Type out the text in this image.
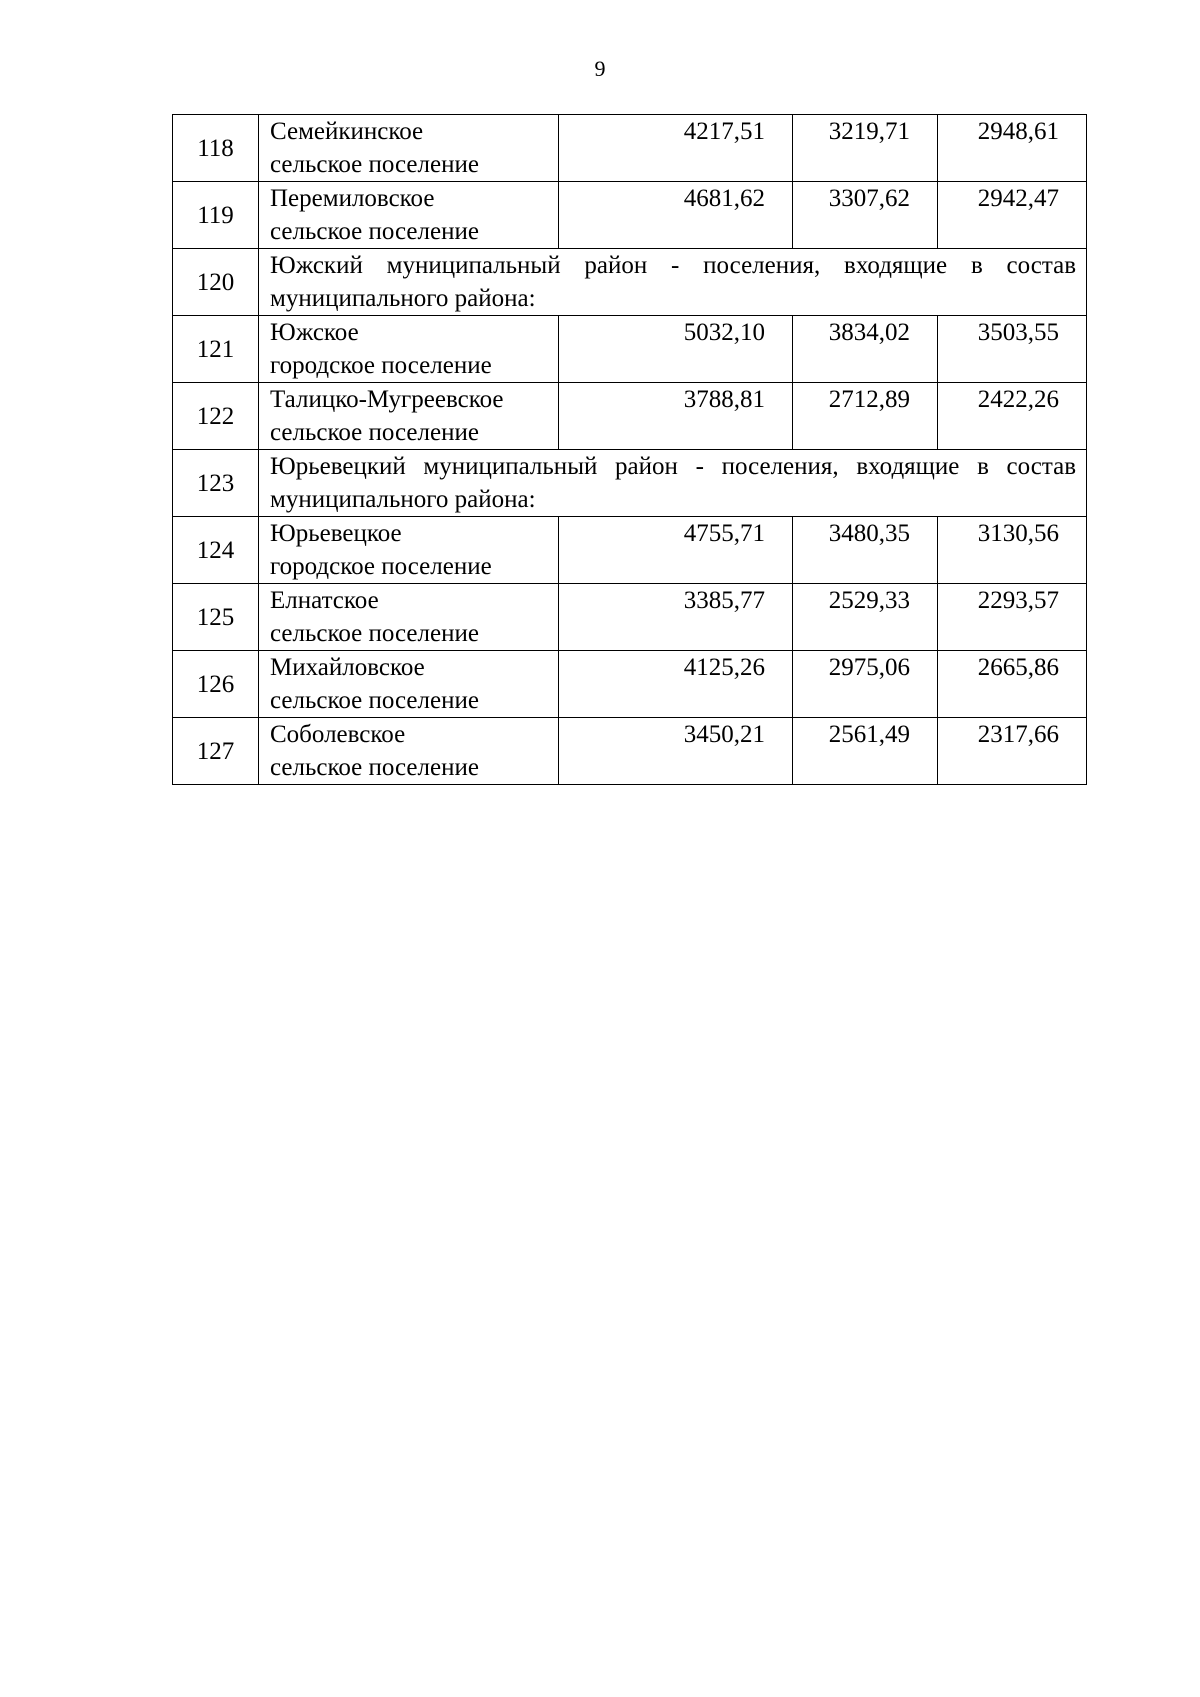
9
118	Семейкинское
сельское поселение	4217,51	3219,71	2948,61
119	Перемиловское
сельское поселение	4681,62	3307,62	2942,47
120	Южский муниципальный район - поселения, входящие в состав муниципального района:			
121	Южское
городское поселение	5032,10	3834,02	3503,55
122	Талицко-Мугреевское
сельское поселение	3788,81	2712,89	2422,26
123	Юрьевецкий муниципальный район - поселения, входящие в состав муниципального района:			
124	Юрьевецкое
городское поселение	4755,71	3480,35	3130,56
125	Елнатское
сельское поселение	3385,77	2529,33	2293,57
126	Михайловское
сельское поселение	4125,26	2975,06	2665,86
127	Соболевское
сельское поселение	3450,21	2561,49	2317,66
